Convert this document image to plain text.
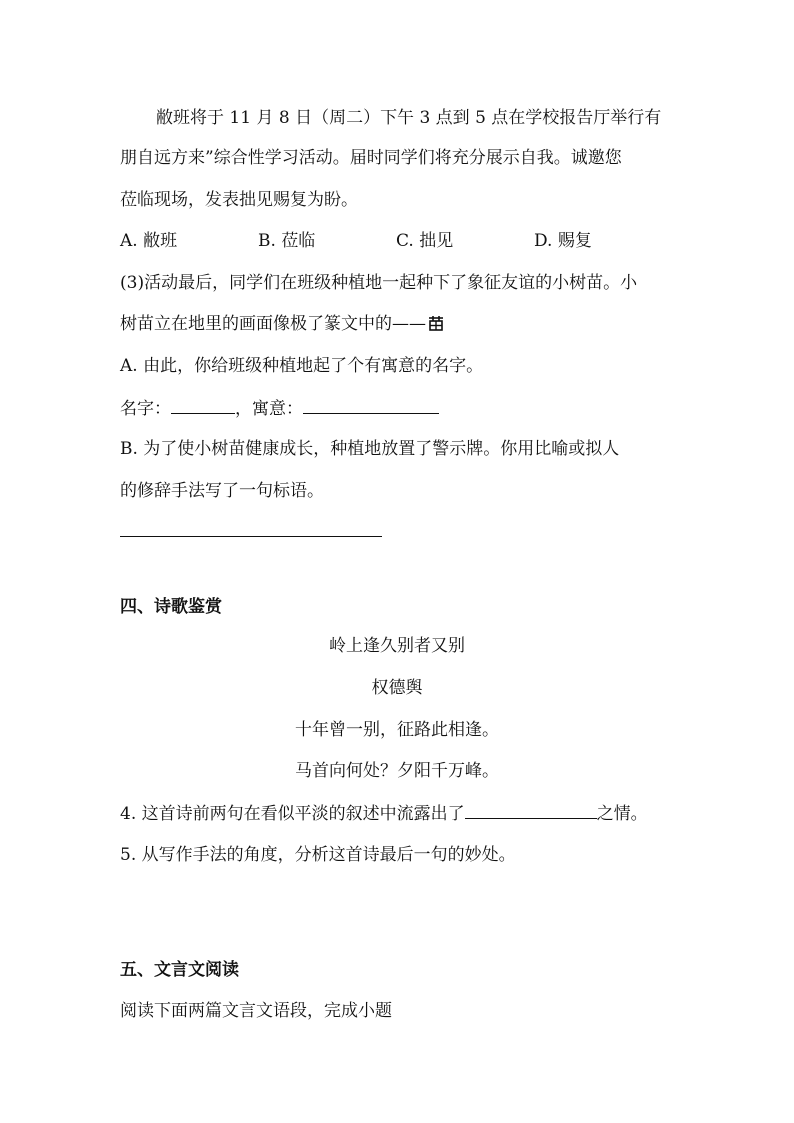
敝班将于 11 月 8 日（周二）下午 3 点到 5 点在学校报告厅举行有
朋自远方来”综合性学习活动。届时同学们将充分展示自我。诚邀您
莅临现场，发表拙见赐复为盼。
A. 敝班	B. 莅临	C. 拙见	D. 赐复
(3)活动最后，同学们在班级种植地一起种下了象征友谊的小树苗。小
树苗立在地里的画面像极了篆文中的——
A. 由此，你给班级种植地起了个有寓意的名字。
名字：	，寓意：
B. 为了使小树苗健康成长，种植地放置了警示牌。你用比喻或拟人
的修辞手法写了一句标语。
四、诗歌鉴赏
岭上逢久别者又别
权德舆
十年曾一别，征路此相逢。
马首向何处？夕阳千万峰。
4. 这首诗前两句在看似平淡的叙述中流露出了	之情。
5. 从写作手法的角度，分析这首诗最后一句的妙处。
五、文言文阅读
阅读下面两篇文言文语段，完成小题
